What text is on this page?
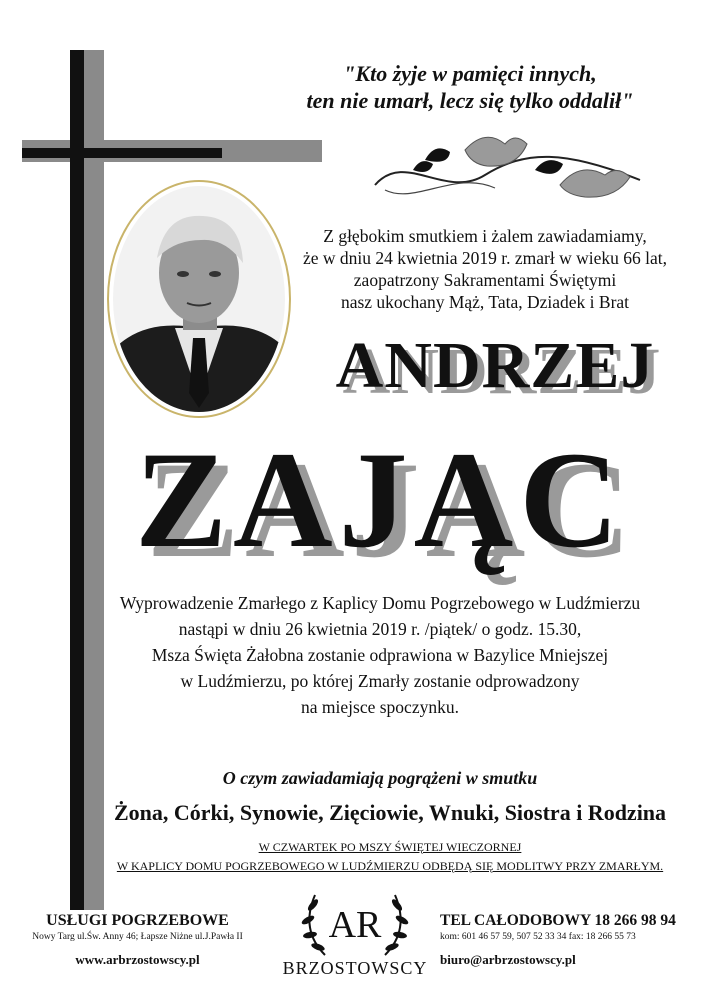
"Kto żyje w pamięci innych,
ten nie umarł, lecz się tylko oddalił"
Z głębokim smutkiem i żalem zawiadamiamy,
że w dniu 24 kwietnia 2019 r. zmarł w wieku 66 lat,
zaopatrzony Sakramentami Świętymi
nasz ukochany Mąż, Tata, Dziadek i Brat
ANDRZEJ
ZAJĄC
Wyprowadzenie Zmarłego z Kaplicy Domu Pogrzebowego w Ludźmierzu
nastąpi w dniu 26 kwietnia 2019 r. /piątek/ o godz. 15.30,
Msza Święta Żałobna zostanie odprawiona w Bazylice Mniejszej
w Ludźmierzu, po której Zmarły zostanie odprowadzony
na miejsce spoczynku.
O czym zawiadamiają pogrążeni w smutku
Żona, Córki, Synowie, Zięciowie, Wnuki, Siostra i Rodzina
W CZWARTEK PO MSZY ŚWIĘTEJ WIECZORNEJ
W KAPLICY DOMU POGRZEBOWEGO W LUDŹMIERZU ODBĘDĄ SIĘ MODLITWY PRZY ZMARŁYM.
USŁUGI POGRZEBOWE
Nowy Targ ul.Św. Anny 46; Łapsze Niżne ul.J.Pawła II
www.arbrzostowscy.pl
AR
BRZOSTOWSCY
TEL CAŁODOBOWY 18 266 98 94
kom: 601 46 57 59, 507 52 33 34 fax: 18 266 55 73
biuro@arbrzostowscy.pl
